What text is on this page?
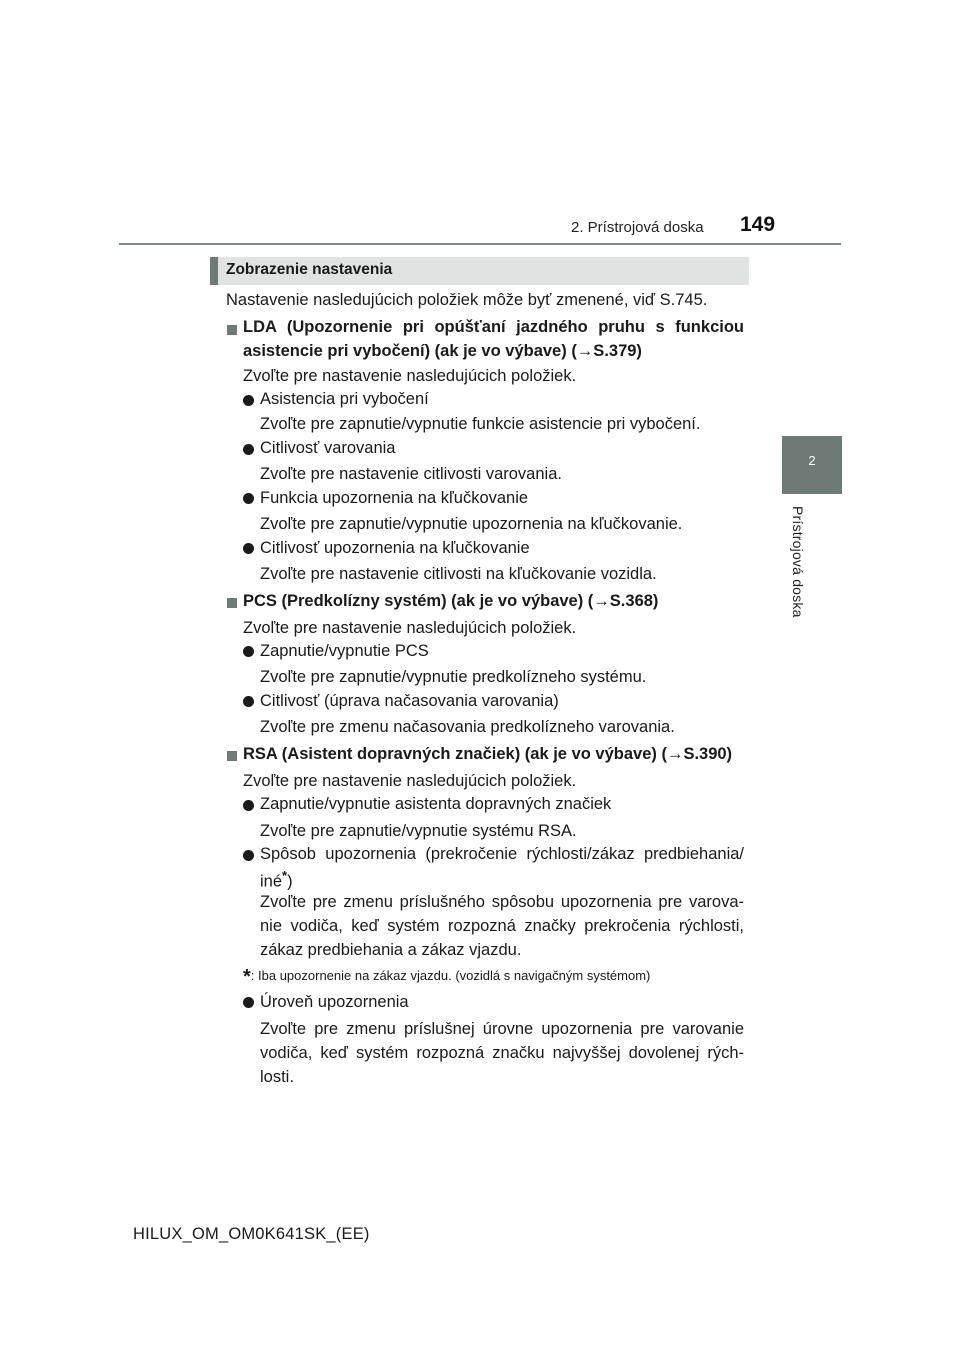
2. Prístrojová doska 149
2
Prístrojová doska
Zobrazenie nastavenia
Nastavenie nasledujúcich položiek môže byť zmenené, viď S.745.
LDA (Upozornenie pri opúšťaní jazdného pruhu s funkciou
asistencie pri vybočení) (ak je vo výbave) (→S.379)
Zvoľte pre nastavenie nasledujúcich položiek.
Asistencia pri vybočení
Zvoľte pre zapnutie/vypnutie funkcie asistencie pri vybočení.
Citlivosť varovania
Zvoľte pre nastavenie citlivosti varovania.
Funkcia upozornenia na kľučkovanie
Zvoľte pre zapnutie/vypnutie upozornenia na kľučkovanie.
Citlivosť upozornenia na kľučkovanie
Zvoľte pre nastavenie citlivosti na kľučkovanie vozidla.
PCS (Predkolízny systém) (ak je vo výbave) (→S.368)
Zvoľte pre nastavenie nasledujúcich položiek.
Zapnutie/vypnutie PCS
Zvoľte pre zapnutie/vypnutie predkolízneho systému.
Citlivosť (úprava načasovania varovania)
Zvoľte pre zmenu načasovania predkolízneho varovania.
RSA (Asistent dopravných značiek) (ak je vo výbave) (→S.390)
Zvoľte pre nastavenie nasledujúcich položiek.
Zapnutie/vypnutie asistenta dopravných značiek
Zvoľte pre zapnutie/vypnutie systému RSA.
Spôsob upozornenia (prekročenie rýchlosti/zákaz predbiehania/
iné*)
Zvoľte pre zmenu príslušného spôsobu upozornenia pre varova-
nie vodiča, keď systém rozpozná značky prekročenia rýchlosti,
zákaz predbiehania a zákaz vjazdu.
*: Iba upozornenie na zákaz vjazdu. (vozidlá s navigačným systémom)
Úroveň upozornenia
Zvoľte pre zmenu príslušnej úrovne upozornenia pre varovanie
vodiča, keď systém rozpozná značku najvyššej dovolenej rých-
losti.
HILUX_OM_OM0K641SK_(EE)
